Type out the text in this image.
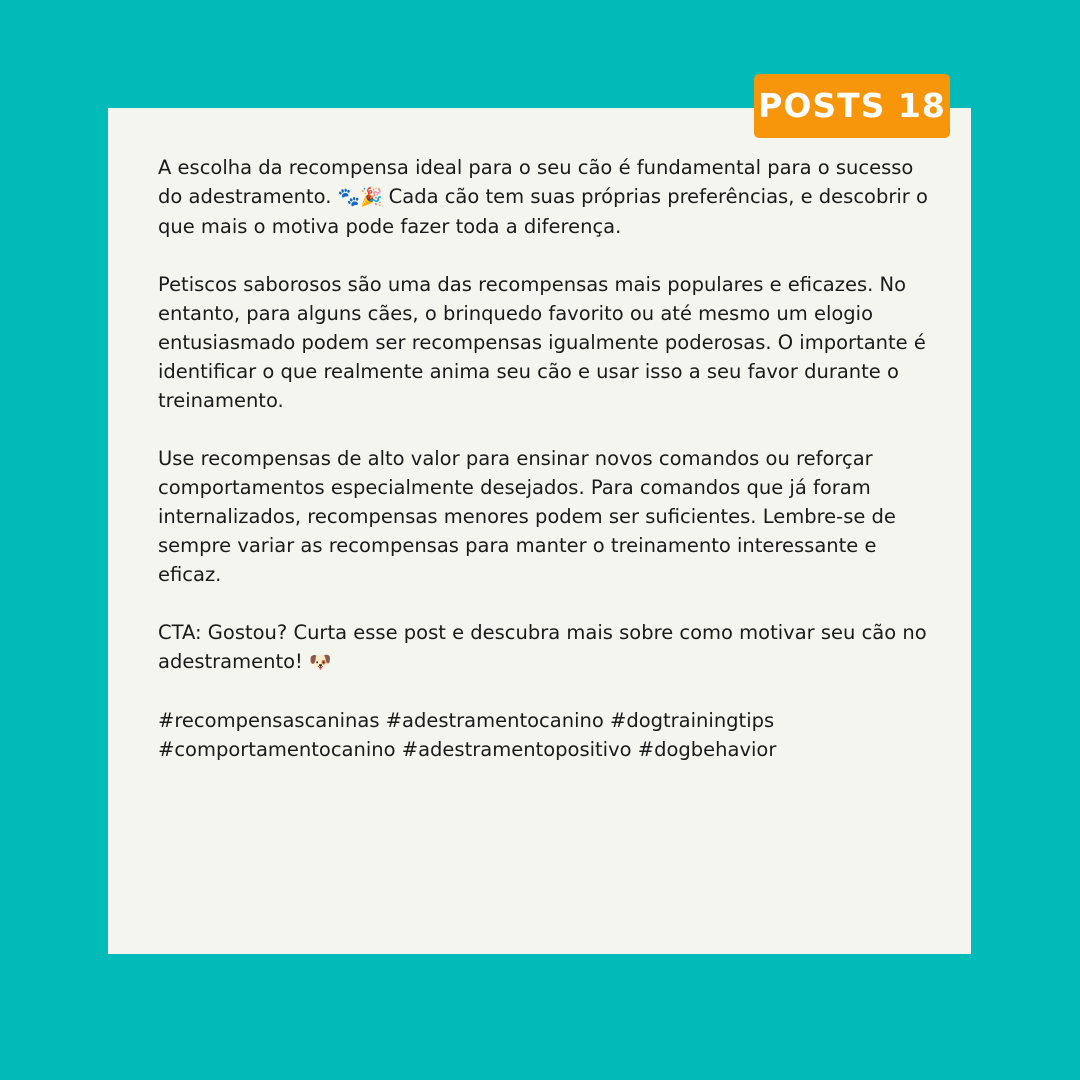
A escolha da recompensa ideal para o seu cão é fundamental para o sucesso do adestramento. 🐾🎉 Cada cão tem suas próprias preferências, e descobrir o que mais o motiva pode fazer toda a diferença.

Petiscos saborosos são uma das recompensas mais populares e eficazes. No entanto, para alguns cães, o brinquedo favorito ou até mesmo um elogio entusiasmado podem ser recompensas igualmente poderosas. O importante é identificar o que realmente anima seu cão e usar isso a seu favor durante o treinamento.

Use recompensas de alto valor para ensinar novos comandos ou reforçar comportamentos especialmente desejados. Para comandos que já foram internalizados, recompensas menores podem ser suficientes. Lembre-se de sempre variar as recompensas para manter o treinamento interessante e eficaz.

CTA: Gostou? Curta esse post e descubra mais sobre como motivar seu cão no adestramento! 🐶

#recompensascaninas #adestramentocanino #dogtrainingtips #comportamentocanino #adestramentopositivo #dogbehavior

POSTS 18
